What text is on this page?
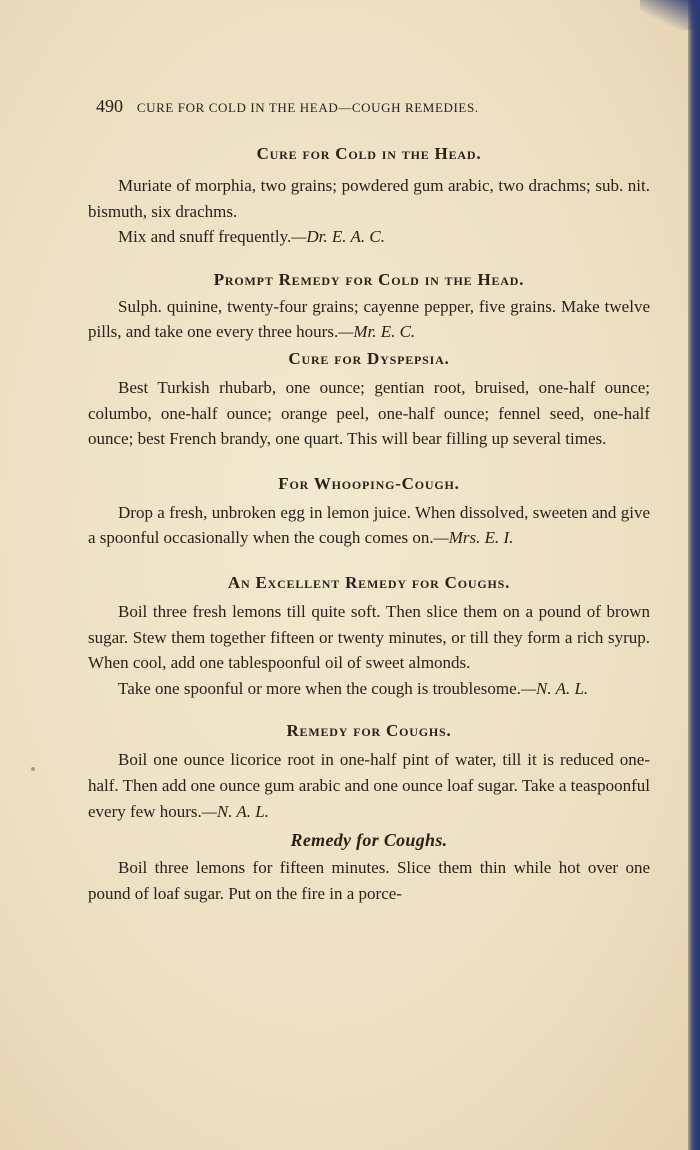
490 CURE FOR COLD IN THE HEAD—COUGH REMEDIES.
Cure for Cold in the Head.

Muriate of morphia, two grains; powdered gum arabic, two drachms; sub. nit. bismuth, six drachms.

Mix and snuff frequently.—Dr. E. A. C.

Prompt Remedy for Cold in the Head.

Sulph. quinine, twenty-four grains; cayenne pepper, five grains. Make twelve pills, and take one every three hours.—Mr. E. C.

Cure for Dyspepsia.

Best Turkish rhubarb, one ounce; gentian root, bruised, one-half ounce; columbo, one-half ounce; orange peel, one-half ounce; fennel seed, one-half ounce; best French brandy, one quart. This will bear filling up several times.

For Whooping-Cough.

Drop a fresh, unbroken egg in lemon juice. When dissolved, sweeten and give a spoonful occasionally when the cough comes on.—Mrs. E. I.

An Excellent Remedy for Coughs.

Boil three fresh lemons till quite soft. Then slice them on a pound of brown sugar. Stew them together fifteen or twenty minutes, or till they form a rich syrup. When cool, add one tablespoonful oil of sweet almonds.

Take one spoonful or more when the cough is troublesome.—N. A. L.

Remedy for Coughs.

Boil one ounce licorice root in one-half pint of water, till it is reduced one-half. Then add one ounce gum arabic and one ounce loaf sugar. Take a teaspoonful every few hours.—N. A. L.

Remedy for Coughs.

Boil three lemons for fifteen minutes. Slice them thin while hot over one pound of loaf sugar. Put on the fire in a porce-
